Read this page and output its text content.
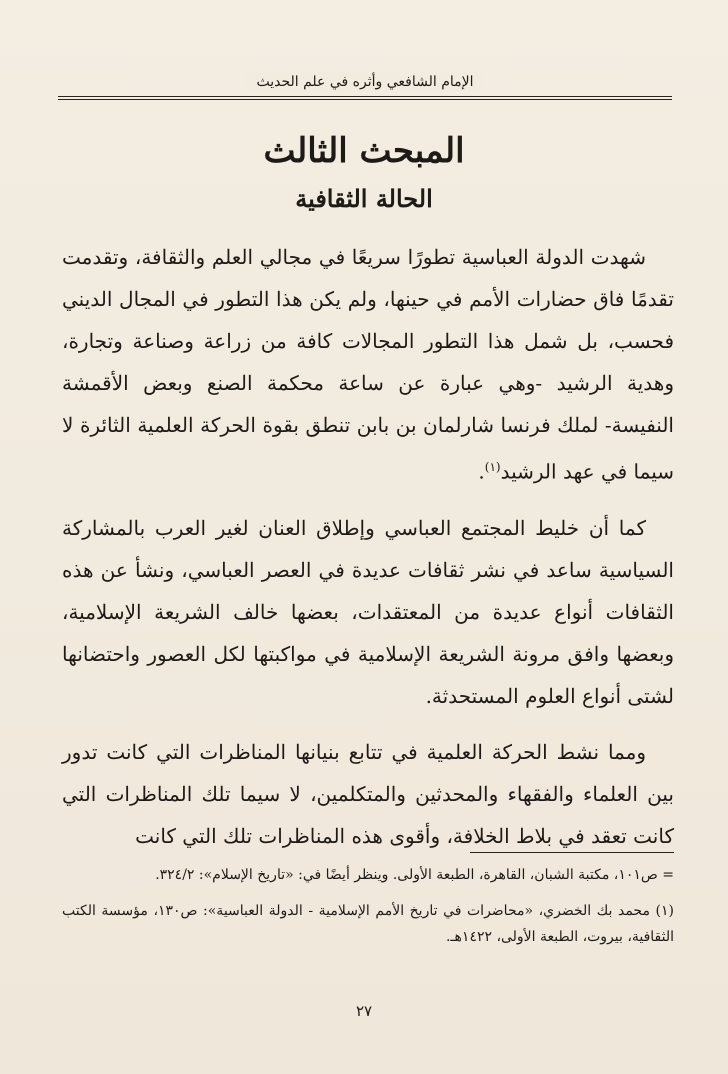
الإمام الشافعي وأثره في علم الحديث
المبحث الثالث
الحالة الثقافية

شهدت الدولة العباسية تطورًا سريعًا في مجالي العلم والثقافة، وتقدمت تقدمًا فاق حضارات الأمم في حينها، ولم يكن هذا التطور في المجال الديني فحسب، بل شمل هذا التطور المجالات كافة من زراعة وصناعة وتجارة، وهدية الرشيد -وهي عبارة عن ساعة محكمة الصنع وبعض الأقمشة النفيسة- لملك فرنسا شارلمان بن بابن تنطق بقوة الحركة العلمية الثائرة لا سيما في عهد الرشيد$^{(١)}$.

كما أن خليط المجتمع العباسي وإطلاق العنان لغير العرب بالمشاركة السياسية ساعد في نشر ثقافات عديدة في العصر العباسي، ونشأ عن هذه الثقافات أنواع عديدة من المعتقدات، بعضها خالف الشريعة الإسلامية، وبعضها وافق مرونة الشريعة الإسلامية في مواكبتها لكل العصور واحتضانها لشتى أنواع العلوم المستحدثة.

ومما نشط الحركة العلمية في تتابع بنيانها المناظرات التي كانت تدور بين العلماء والفقهاء والمحدثين والمتكلمين، لا سيما تلك المناظرات التي كانت تعقد في بلاط الخلافة، وأقوى هذه المناظرات تلك التي كانت

= ص١٠١، مكتبة الشبان، القاهرة، الطبعة الأولى. وينظر أيضًا في: «تاريخ الإسلام»: ٣٢٤/٢.

(١) محمد بك الخضري، «محاضرات في تاريخ الأمم الإسلامية - الدولة العباسية»: ص١٣٠، مؤسسة الكتب الثقافية، بيروت، الطبعة الأولى، ١٤٢٢هـ.

٢٧
